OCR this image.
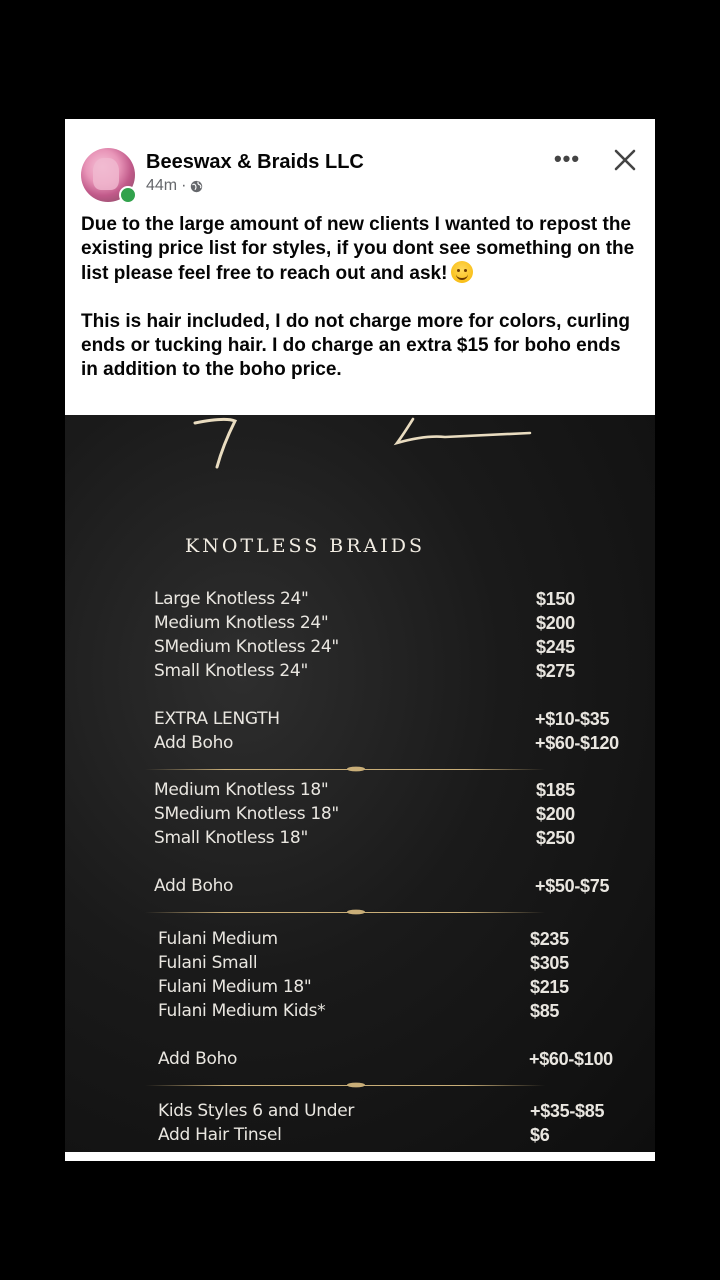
Beeswax & Braids LLC
44m ·
•••

Due to the large amount of new clients I wanted to repost the existing price list for styles, if you dont see something on the list please feel free to reach out and ask!

This is hair included, I do not charge more for colors, curling ends or tucking hair. I do charge an extra $15 for boho ends in addition to the boho price.

KNOTLESS BRAIDS
Large Knotless 24"	$150
Medium Knotless 24"	$200
SMedium Knotless 24"	$245
Small Knotless 24"	$275
EXTRA LENGTH	+$10-$35
Add Boho	+$60-$120
Medium Knotless 18"	$185
SMedium Knotless 18"	$200
Small Knotless 18"	$250
Add Boho	+$50-$75
Fulani Medium	$235
Fulani Small	$305
Fulani Medium 18"	$215
Fulani Medium Kids*	$85
Add Boho	+$60-$100
Kids Styles 6 and Under	+$35-$85
Add Hair Tinsel	$6
